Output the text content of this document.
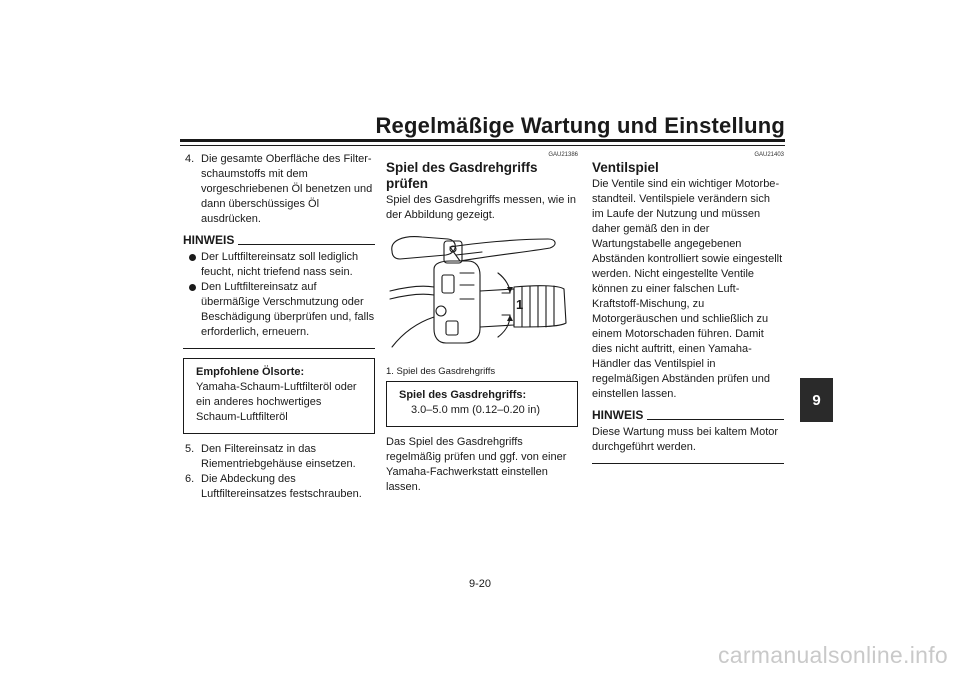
Regelmäßige Wartung und Einstellung
9
4. Die gesamte Oberfläche des Filterschaumstoffs mit dem vorgeschriebenen Öl benetzen und dann überschüssiges Öl ausdrücken.
HINWEIS
Der Luftfiltereinsatz soll lediglich feucht, nicht triefend nass sein.
Den Luftfiltereinsatz auf übermäßige Verschmutzung oder Beschädigung überprüfen und, falls erforderlich, erneuern.
Empfohlene Ölsorte:
Yamaha-Schaum-Luftfilteröl oder ein anderes hochwertiges Schaum-Luftfilteröl
5. Den Filtereinsatz in das Riementriebgehäuse einsetzen.
6. Die Abdeckung des Luftfiltereinsatzes festschrauben.
GAU21386
Spiel des Gasdrehgriffs prüfen
Spiel des Gasdrehgriffs messen, wie in der Abbildung gezeigt.
1
1. Spiel des Gasdrehgriffs
Spiel des Gasdrehgriffs:
3.0–5.0 mm (0.12–0.20 in)
Das Spiel des Gasdrehgriffs regelmäßig prüfen und ggf. von einer Yamaha-Fachwerkstatt einstellen lassen.
GAU21403
Ventilspiel
Die Ventile sind ein wichtiger Motorbestandteil. Ventilspiele verändern sich im Laufe der Nutzung und müssen daher gemäß den in der Wartungstabelle angegebenen Abständen kontrolliert sowie eingestellt werden. Nicht eingestellte Ventile können zu einer falschen Luft-Kraftstoff-Mischung, zu Motorgeräuschen und schließlich zu einem Motorschaden führen. Damit dies nicht auftritt, einen Yamaha-Händler das Ventilspiel in regelmäßigen Abständen prüfen und einstellen lassen.
HINWEIS
Diese Wartung muss bei kaltem Motor durchgeführt werden.
9-20
carmanualsonline.info
